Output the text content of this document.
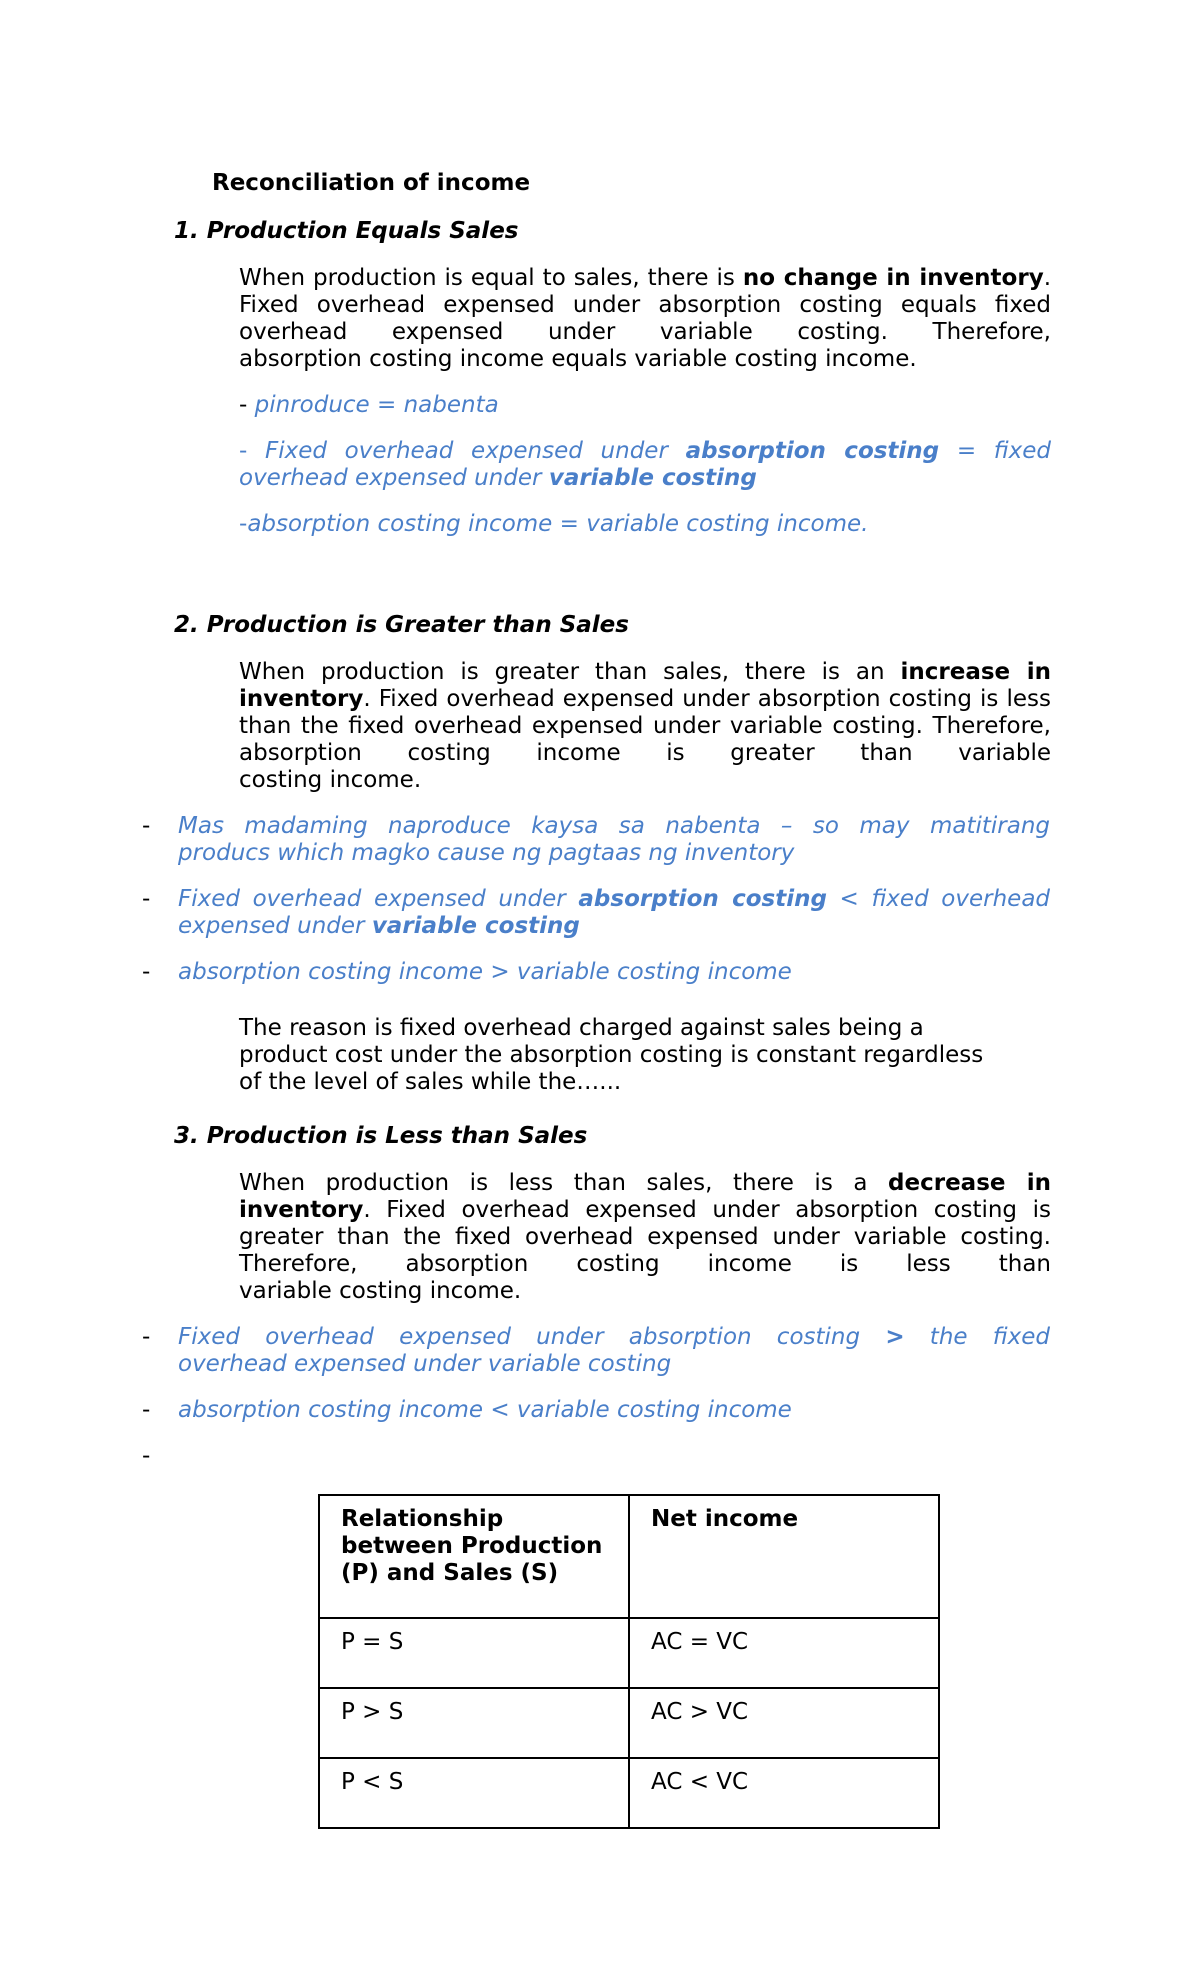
Reconciliation of income
1. Production Equals Sales
When production is equal to sales, there is no change in inventory. Fixed overhead expensed under absorption costing equals fixed overhead expensed under variable costing. Therefore,
absorption costing income equals variable costing income.
- pinroduce = nabenta
- Fixed overhead expensed under absorption costing = fixed
overhead expensed under variable costing
-absorption costing income = variable costing income.
2. Production is Greater than Sales
When production is greater than sales, there is an increase in inventory. Fixed overhead expensed under absorption costing is less than the fixed overhead expensed under variable costing. Therefore, absorption costing income is greater than variable
costing income.
- Mas madaming naproduce kaysa sa nabenta – so may matitirang
producs which magko cause ng pagtaas ng inventory
- Fixed overhead expensed under absorption costing < fixed overhead
expensed under variable costing
- absorption costing income > variable costing income
The reason is fixed overhead charged against sales being a
product cost under the absorption costing is constant regardless
of the level of sales while the…...
3. Production is Less than Sales
When production is less than sales, there is a decrease in inventory. Fixed overhead expensed under absorption costing is greater than the fixed overhead expensed under variable costing. Therefore, absorption costing income is less than
variable costing income.
- Fixed overhead expensed under absorption costing > the fixed
overhead expensed under variable costing
- absorption costing income < variable costing income
-
Relationship between Production (P) and Sales (S)	Net income
P = S	AC = VC
P > S	AC > VC
P < S	AC < VC
